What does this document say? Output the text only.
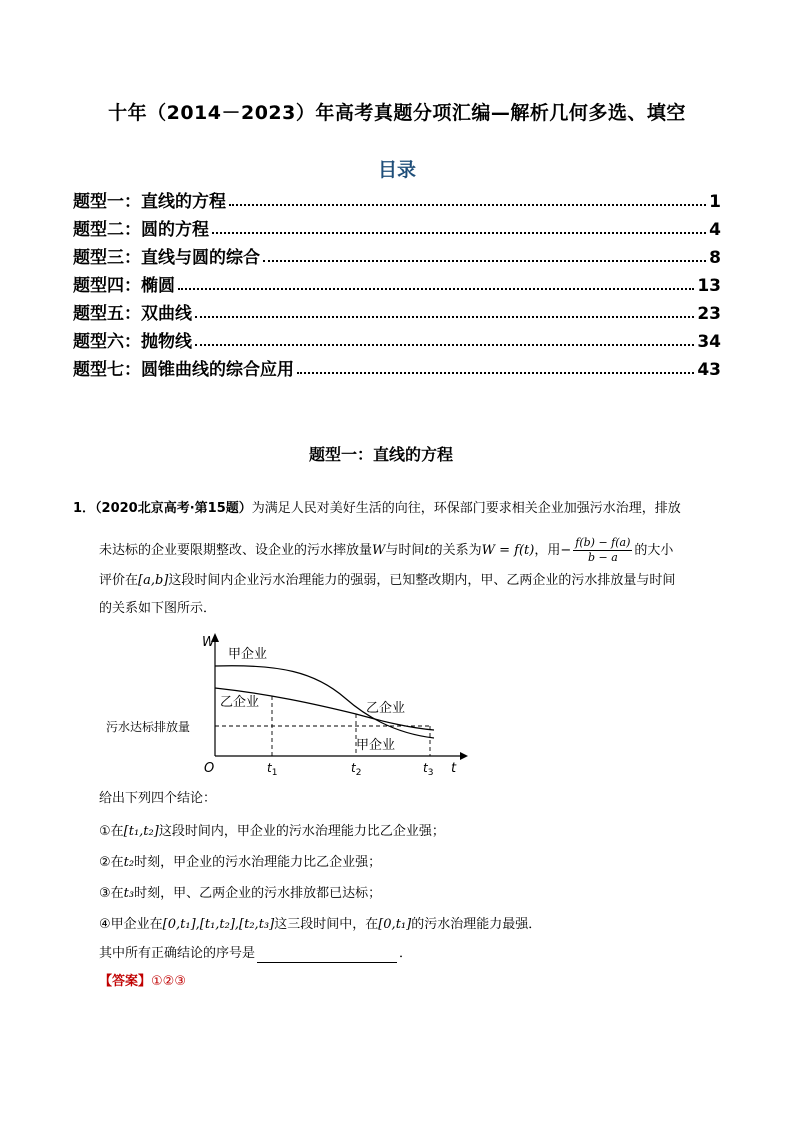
十年（2014－2023）年高考真题分项汇编—解析几何多选、填空
目录
题型一：直线的方程	1
题型二：圆的方程	4
题型三：直线与圆的综合	8
题型四：椭圆	13
题型五：双曲线	23
题型六：抛物线	34
题型七：圆锥曲线的综合应用	43
题型一：直线的方程
1．（2020北京高考·第15题）为满足人民对美好生活的向往，环保部门要求相关企业加强污水治理，排放
未达标的企业要限期整改、设企业的污水摔放量W与时间t的关系为W = f(t)，用− $\frac{f(b) - f(a)}{b - a}$ 的大小
评价在[a,b]这段时间内企业污水治理能力的强弱，已知整改期内，甲、乙两企业的污水排放量与时间
的关系如下图所示．
W
t
O
污水达标排放量
甲企业
乙企业	乙企业
甲企业
$t_1$	$t_2$	$t_3$
给出下列四个结论：
①在[t₁,t₂]这段时间内，甲企业的污水治理能力比乙企业强；
②在t₂时刻，甲企业的污水治理能力比乙企业强；
③在t₃时刻，甲、乙两企业的污水排放都已达标；
④甲企业在[0,t₁],[t₁,t₂],[t₂,t₃]这三段时间中，在[0,t₁]的污水治理能力最强．
其中所有正确结论的序号是	．
【答案】①②③
